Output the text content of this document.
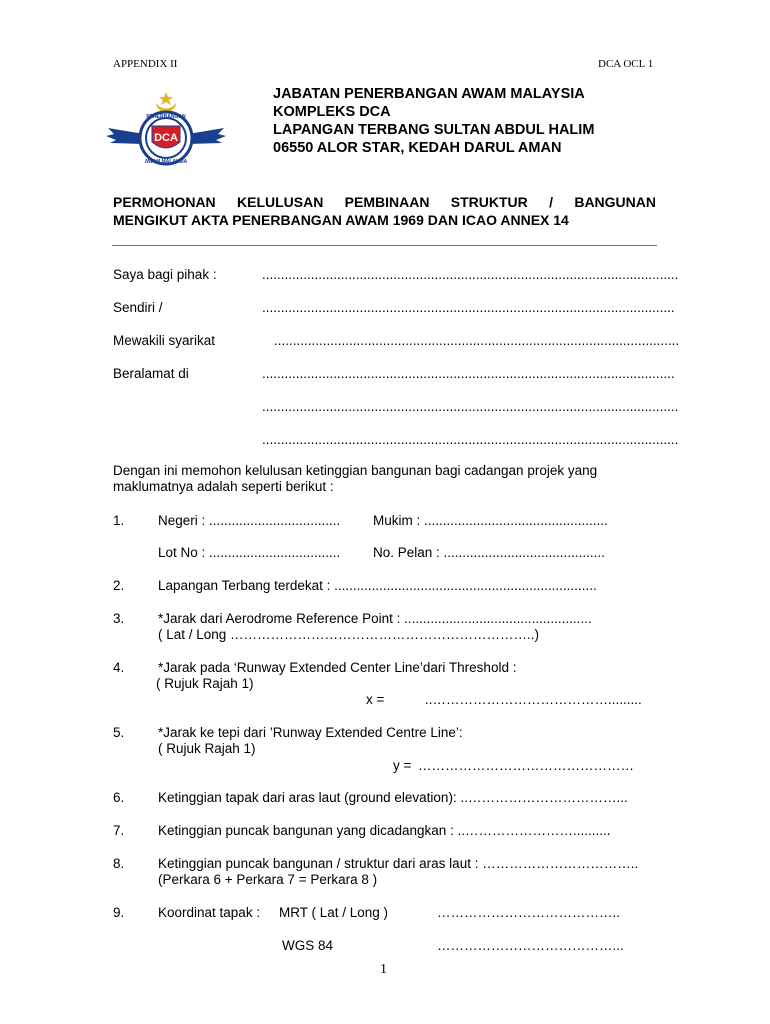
APPENDIX II	DCA OCL 1
PENERBANGAN
AWAM MALAYSIA
DCA
JABATAN PENERBANGAN AWAM MALAYSIA
KOMPLEKS DCA
LAPANGAN TERBANG SULTAN ABDUL HALIM
06550 ALOR STAR, KEDAH DARUL AMAN
PERMOHONAN KELULUSAN PEMBINAAN STRUKTUR / BANGUNAN
MENGIKUT AKTA PENERBANGAN AWAM 1969 DAN ICAO ANNEX 14
Saya bagi pihak :	...............................................................................................................
Sendiri /	..............................................................................................................
Mewakili syarikat	............................................................................................................
Beralamat di	..............................................................................................................
...............................................................................................................
...............................................................................................................
Dengan ini memohon kelulusan ketinggian bangunan bagi cadangan projek yang
maklumatnya adalah seperti berikut :
1. Negeri : ................................... Mukim : .................................................
Lot No : ................................... No. Pelan : ...........................................
2. Lapangan Terbang terdekat : ......................................................................
3. *Jarak dari Aerodrome Reference Point : ..................................................
( Lat / Long …………………………………………………………..)
4. *Jarak pada ‘Runway Extended Center Line’dari Threshold :
( Rujuk Rajah 1)
x =	..………………………………….........
5. *Jarak ke tepi dari ’Runway Extended Centre Line’:
( Rujuk Rajah 1)
y = …………………………………………
6. Ketinggian tapak dari aras laut (ground elevation): ..……………………………...
7. Ketinggian puncak bangunan yang dicadangkan : ..……………………..........
8. Ketinggian puncak bangunan / struktur dari aras laut : ……………………………..
(Perkara 6 + Perkara 7 = Perkara 8 )
9. Koordinat tapak : MRT ( Lat / Long )	…………………………………..
WGS 84	…………………………………...
1
